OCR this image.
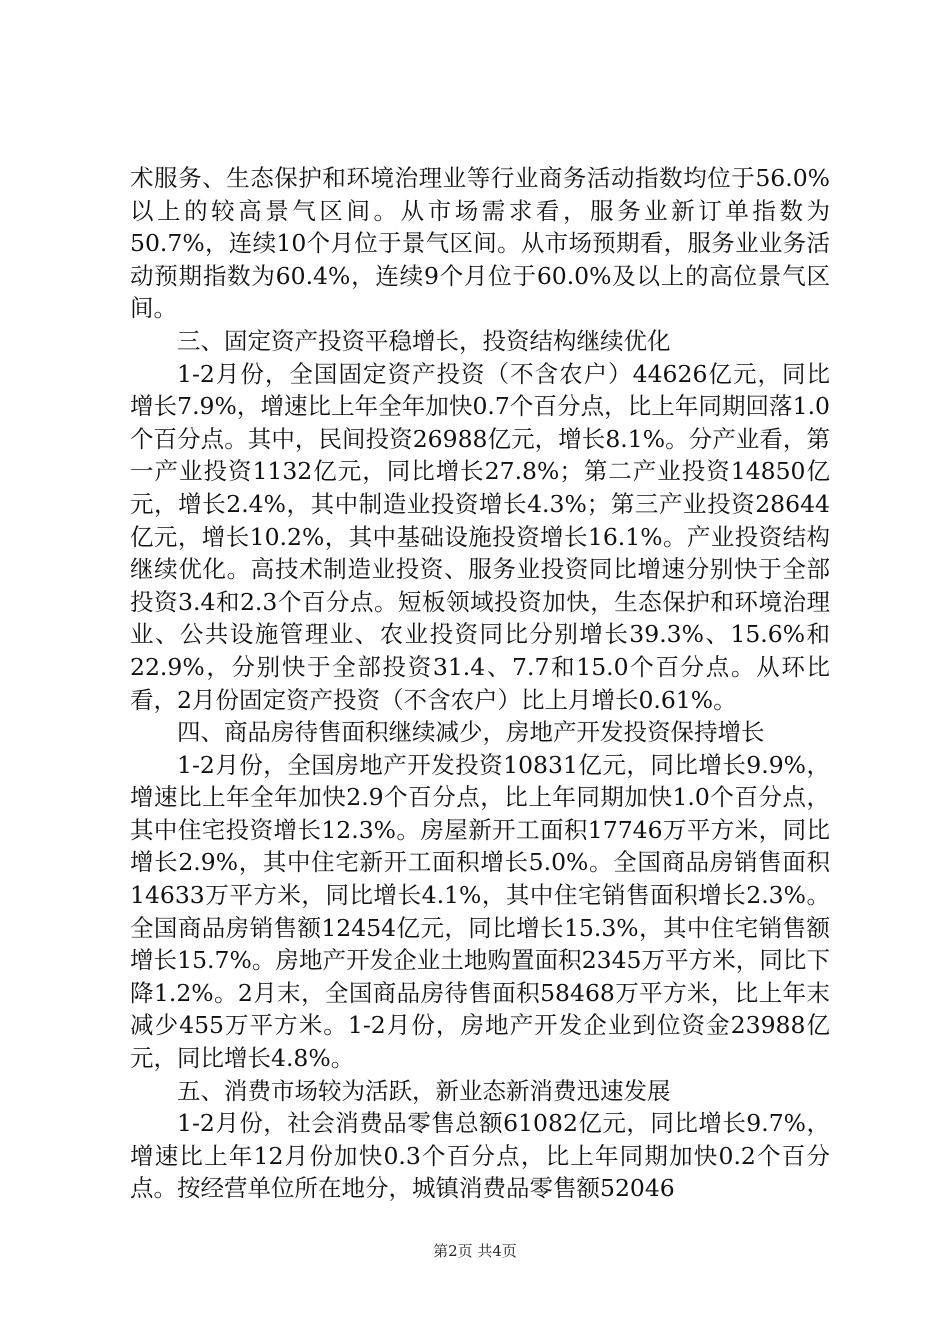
术服务、生态保护和环境治理业等行业商务活动指数均位于56.0%以上的较高景气区间。从市场需求看，服务业新订单指数为50.7%，连续10个月位于景气区间。从市场预期看，服务业业务活动预期指数为60.4%，连续9个月位于60.0%及以上的高位景气区间。

三、固定资产投资平稳增长，投资结构继续优化

1-2月份，全国固定资产投资（不含农户）44626亿元，同比增长7.9%，增速比上年全年加快0.7个百分点，比上年同期回落1.0个百分点。其中，民间投资26988亿元，增长8.1%。分产业看，第一产业投资1132亿元，同比增长27.8%；第二产业投资14850亿元，增长2.4%，其中制造业投资增长4.3%；第三产业投资28644亿元，增长10.2%，其中基础设施投资增长16.1%。产业投资结构继续优化。高技术制造业投资、服务业投资同比增速分别快于全部投资3.4和2.3个百分点。短板领域投资加快，生态保护和环境治理业、公共设施管理业、农业投资同比分别增长39.3%、15.6%和22.9%，分别快于全部投资31.4、7.7和15.0个百分点。从环比看，2月份固定资产投资（不含农户）比上月增长0.61%。

四、商品房待售面积继续减少，房地产开发投资保持增长

1-2月份，全国房地产开发投资10831亿元，同比增长9.9%，增速比上年全年加快2.9个百分点，比上年同期加快1.0个百分点，其中住宅投资增长12.3%。房屋新开工面积17746万平方米，同比增长2.9%，其中住宅新开工面积增长5.0%。全国商品房销售面积14633万平方米，同比增长4.1%，其中住宅销售面积增长2.3%。全国商品房销售额12454亿元，同比增长15.3%，其中住宅销售额增长15.7%。房地产开发企业土地购置面积2345万平方米，同比下降1.2%。2月末，全国商品房待售面积58468万平方米，比上年末减少455万平方米。1-2月份，房地产开发企业到位资金23988亿元，同比增长4.8%。

五、消费市场较为活跃，新业态新消费迅速发展

1-2月份，社会消费品零售总额61082亿元，同比增长9.7%，增速比上年12月份加快0.3个百分点，比上年同期加快0.2个百分点。按经营单位所在地分，城镇消费品零售额52046

第2页 共4页
